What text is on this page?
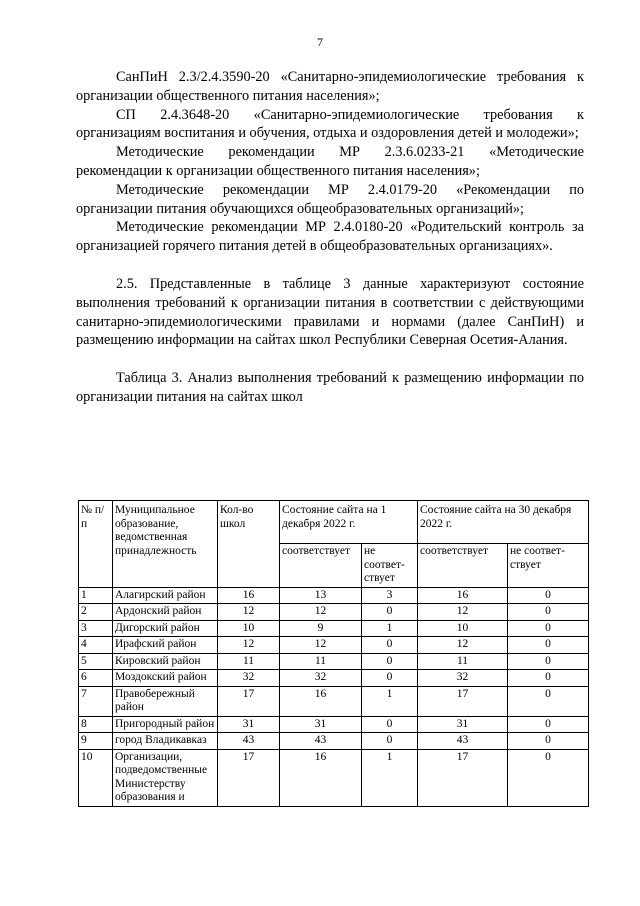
7

СанПиН 2.3/2.4.3590-20 «Санитарно-эпидемиологические требования к организации общественного питания населения»;

СП 2.4.3648-20 «Санитарно-эпидемиологические требования к организациям воспитания и обучения, отдыха и оздоровления детей и молодежи»;

Методические рекомендации МР 2.3.6.0233-21 «Методические рекомендации к организации общественного питания населения»;

Методические рекомендации МР 2.4.0179-20 «Рекомендации по организации питания обучающихся общеобразовательных организаций»;

Методические рекомендации МР 2.4.0180-20 «Родительский контроль за организацией горячего питания детей в общеобразовательных организациях».

2.5. Представленные в таблице 3 данные характеризуют состояние выполнения требований к организации питания в соответствии с действующими санитарно-эпидемиологическими правилами и нормами (далее СанПиН) и размещению информации на сайтах школ Республики Северная Осетия-Алания.

Таблица 3. Анализ выполнения требований к размещению информации по организации питания на сайтах школ

№ п/п	Муниципальное образование, ведомственная принадлежность	Кол-во школ	Состояние сайта на 1 декабря 2022 г.		Состояние сайта на 30 декабря 2022 г.	
			соответствует	не соответ-ствует	соответствует	не соответ-ствует
1	Алагирский район	16	13	3	16	0
2	Ардонский район	12	12	0	12	0
3	Дигорский район	10	9	1	10	0
4	Ирафский район	12	12	0	12	0
5	Кировский район	11	11	0	11	0
6	Моздокский район	32	32	0	32	0
7	Правобережный район	17	16	1	17	0
8	Пригородный район	31	31	0	31	0
9	город Владикавказ	43	43	0	43	0
10	Организации, подведомственные Министерству образования и	17	16	1	17	0
